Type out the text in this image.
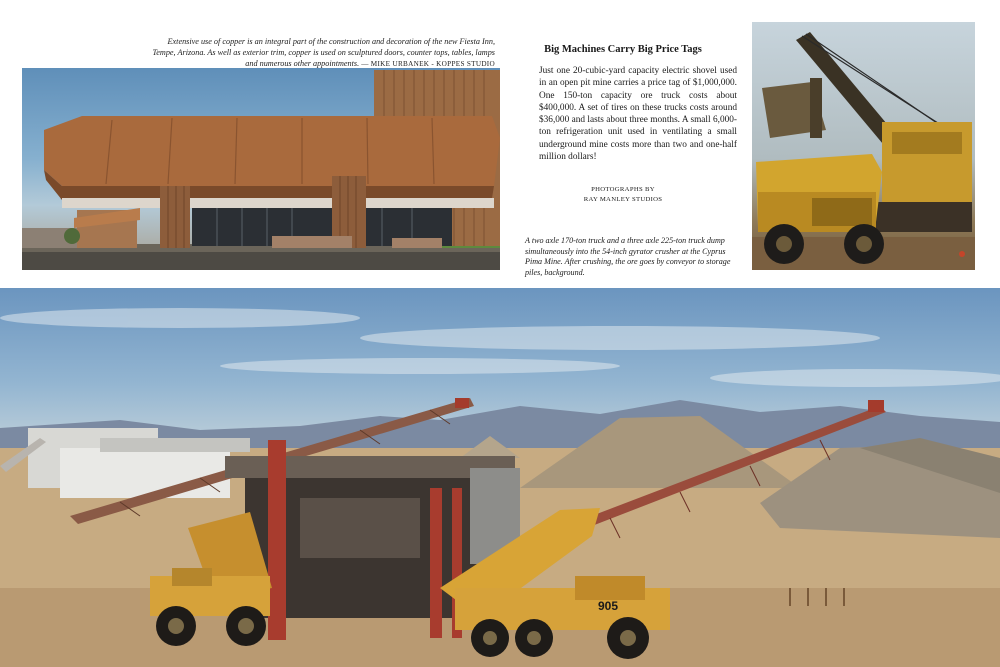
Extensive use of copper is an integral part of the construction and decoration of the new Fiesta Inn, Tempe, Arizona. As well as exterior trim, copper is used on sculptured doors, counter tops, tables, lamps and numerous other appointments. — MIKE URBANEK - KOPPES STUDIO
Big Machines Carry Big Price Tags
Just one 20-cubic-yard capacity electric shovel used in an open pit mine carries a price tag of $1,000,000. One 150-ton capacity ore truck costs about $400,000. A set of tires on these trucks costs around $36,000 and lasts about three months. A small 6,000-ton refrigeration unit used in ventilating a small underground mine costs more than two and one-half million dollars!
PHOTOGRAPHS BY
RAY MANLEY STUDIOS
A two axle 170-ton truck and a three axle 225-ton truck dump simultaneously into the 54-inch gyrator crusher at the Cyprus Pima Mine. After crushing, the ore goes by conveyor to storage piles, background.
905
